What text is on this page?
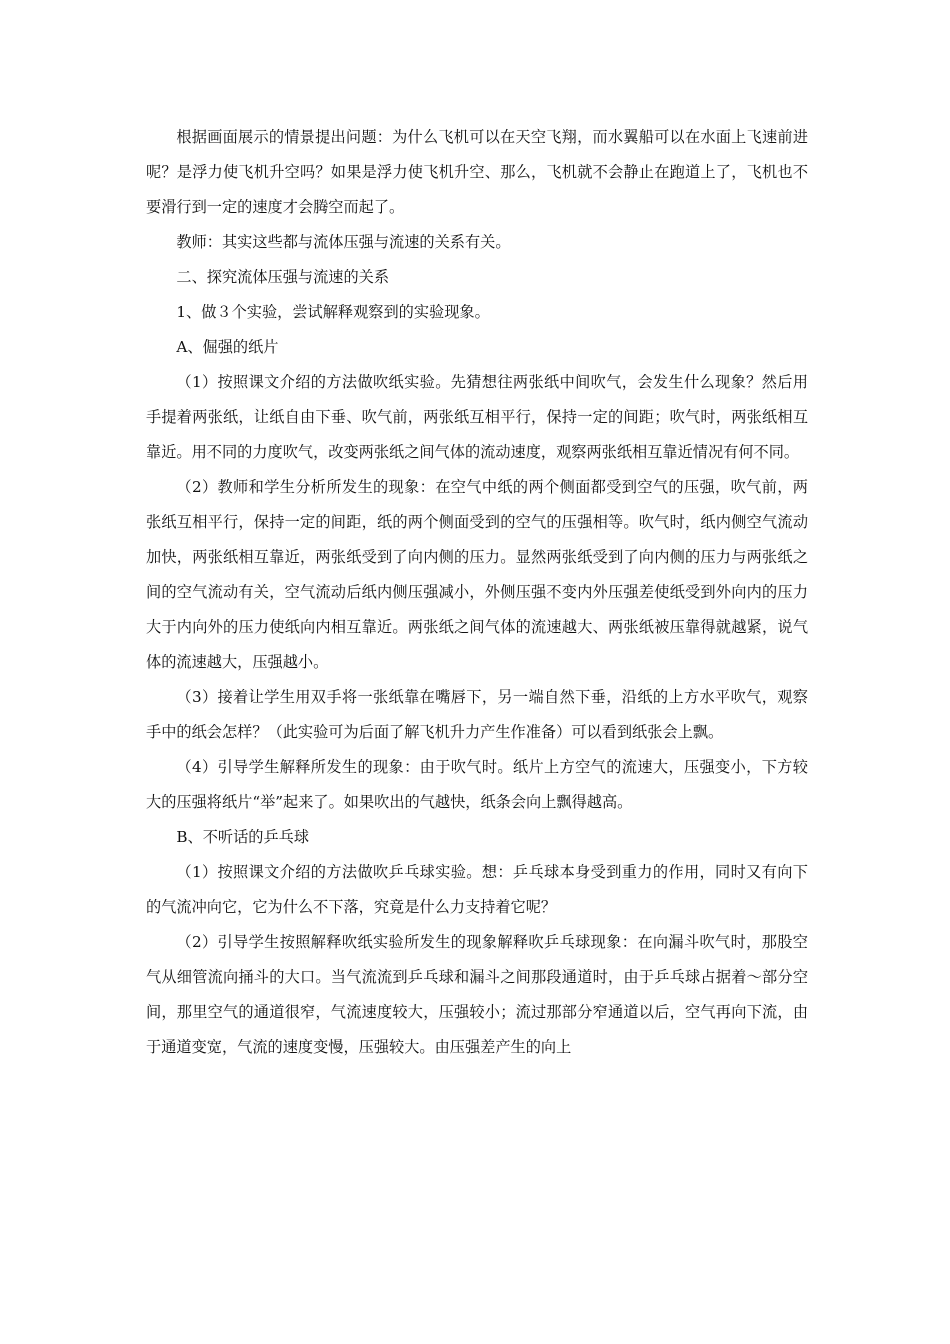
根据画面展示的情景提出问题：为什么飞机可以在天空飞翔，而水翼船可以在水面上飞速前进呢？是浮力使飞机升空吗？如果是浮力使飞机升空、那么，飞机就不会静止在跑道上了，飞机也不要滑行到一定的速度才会腾空而起了。

教师：其实这些都与流体压强与流速的关系有关。

二、探究流体压强与流速的关系

1、做３个实验，尝试解释观察到的实验现象。

A、倔强的纸片

（1）按照课文介绍的方法做吹纸实验。先猜想往两张纸中间吹气，会发生什么现象？然后用手提着两张纸，让纸自由下垂、吹气前，两张纸互相平行，保持一定的间距；吹气时，两张纸相互靠近。用不同的力度吹气，改变两张纸之间气体的流动速度，观察两张纸相互靠近情况有何不同。

（2）教师和学生分析所发生的现象：在空气中纸的两个侧面都受到空气的压强，吹气前，两张纸互相平行，保持一定的间距，纸的两个侧面受到的空气的压强相等。吹气时，纸内侧空气流动加快，两张纸相互靠近，两张纸受到了向内侧的压力。显然两张纸受到了向内侧的压力与两张纸之间的空气流动有关，空气流动后纸内侧压强减小，外侧压强不变内外压强差使纸受到外向内的压力大于内向外的压力使纸向内相互靠近。两张纸之间气体的流速越大、两张纸被压靠得就越紧，说气体的流速越大，压强越小。

（3）接着让学生用双手将一张纸靠在嘴唇下，另一端自然下垂，沿纸的上方水平吹气，观察手中的纸会怎样？（此实验可为后面了解飞机升力产生作准备）可以看到纸张会上飘。

（4）引导学生解释所发生的现象：由于吹气时。纸片上方空气的流速大，压强变小，下方较大的压强将纸片“举”起来了。如果吹出的气越快，纸条会向上飘得越高。

B、不听话的乒乓球

（1）按照课文介绍的方法做吹乒乓球实验。想：乒乓球本身受到重力的作用，同时又有向下的气流冲向它，它为什么不下落，究竟是什么力支持着它呢？

（2）引导学生按照解释吹纸实验所发生的现象解释吹乒乓球现象：在向漏斗吹气时，那股空气从细管流向捅斗的大口。当气流流到乒乓球和漏斗之间那段通道时，由于乒乓球占据着～部分空间，那里空气的通道很窄，气流速度较大，压强较小；流过那部分窄通道以后，空气再向下流，由于通道变宽，气流的速度变慢，压强较大。由压强差产生的向上
